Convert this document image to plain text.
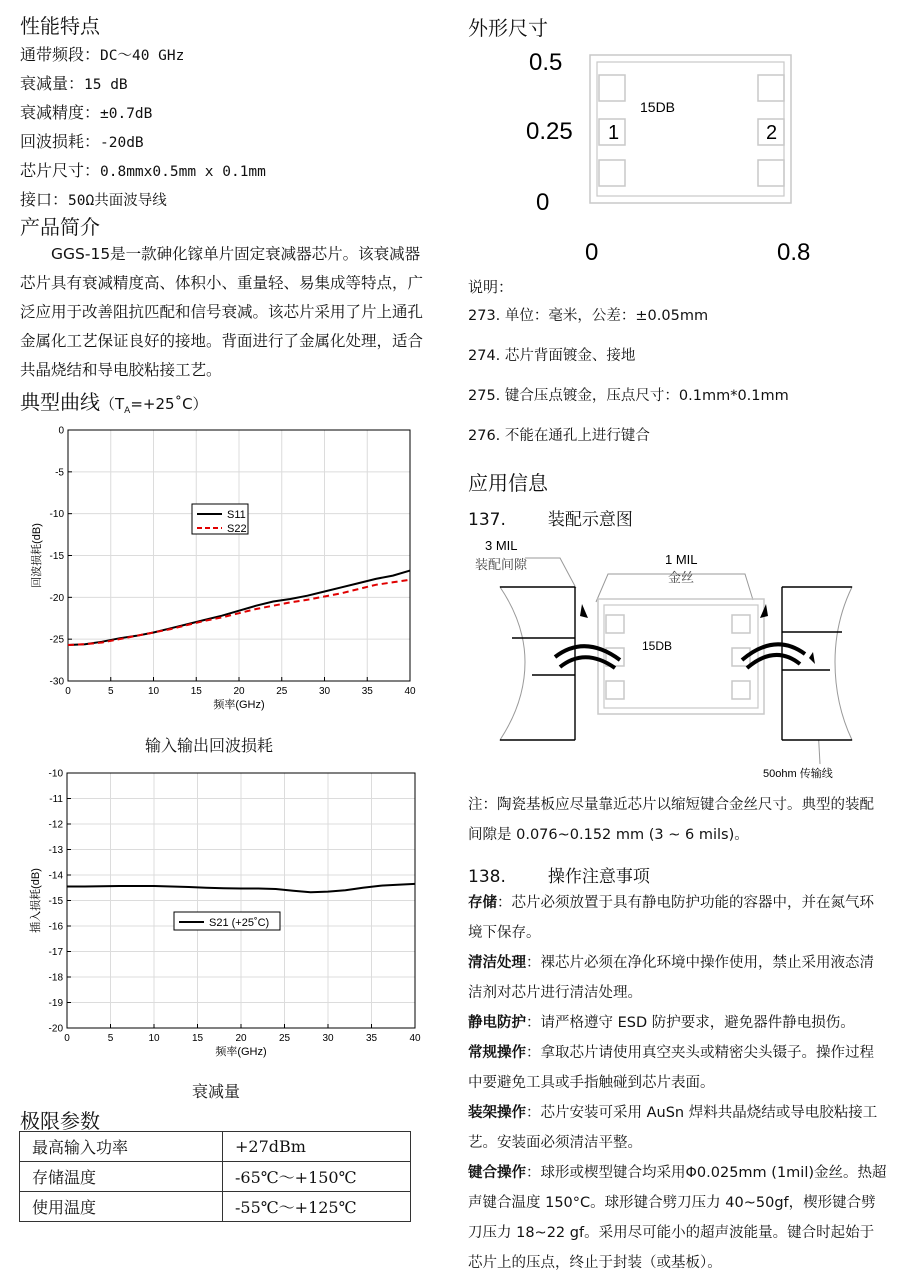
性能特点
通带频段：DC～40 GHz
衰减量：15 dB
衰减精度：±0.7dB
回波损耗：-20dB
芯片尺寸：0.8mmx0.5mm x 0.1mm
接口：50Ω共面波导线
产品简介
GGS-15是一款砷化镓单片固定衰减器芯片。该衰减器芯片具有衰减精度高、体积小、重量轻、易集成等特点，广泛应用于改善阻抗匹配和信号衰减。该芯片采用了片上通孔金属化工艺保证良好的接地。背面进行了金属化处理，适合共晶烧结和导电胶粘接工艺。
典型曲线$(T_A=+25˚C)$
0	5	10	15	20	25	30	35	40
0
-5
-10
-15
-20
-25
-30
频率(GHz)
回波损耗(dB)
S11
S22
输入输出回波损耗
0	5	10	15	20	25	30	35	40
-10
-11
-12
-13
-14
-15
-16
-17
-18
-19
-20
频率(GHz)
插入损耗(dB)	S21 (+25˚C)
衰减量
极限参数
最高输入功率	+27dBm
存储温度	-65℃～+150℃
使用温度	-55℃～+125℃
外形尺寸
0.5
0.25
0
0	0.8
15DB
1	2
说明：
273. 单位：毫米，公差：±0.05mm
274. 芯片背面镀金、接地
275. 键合压点镀金，压点尺寸：0.1mm*0.1mm
276. 不能在通孔上进行键合
应用信息
137. 装配示意图
3 MIL
装配间隙	1 MIL
金丝
50ohm 传输线
15DB
注：陶瓷基板应尽量靠近芯片以缩短键合金丝尺寸。典型的装配间隙是 0.076~0.152 mm (3 ~ 6 mils)。
138. 操作注意事项
存储：芯片必须放置于具有静电防护功能的容器中，并在氮气环境下保存。
清洁处理：裸芯片必须在净化环境中操作使用，禁止采用液态清洁剂对芯片进行清洁处理。
静电防护：请严格遵守 ESD 防护要求，避免器件静电损伤。
常规操作：拿取芯片请使用真空夹头或精密尖头镊子。操作过程中要避免工具或手指触碰到芯片表面。
装架操作：芯片安装可采用 AuSn 焊料共晶烧结或导电胶粘接工艺。安装面必须清洁平整。
键合操作：球形或楔型键合均采用Φ0.025mm (1mil)金丝。热超声键合温度 150°C。球形键合劈刀压力 40~50gf，楔形键合劈刀压力 18~22 gf。采用尽可能小的超声波能量。键合时起始于芯片上的压点，终止于封装（或基板）。
